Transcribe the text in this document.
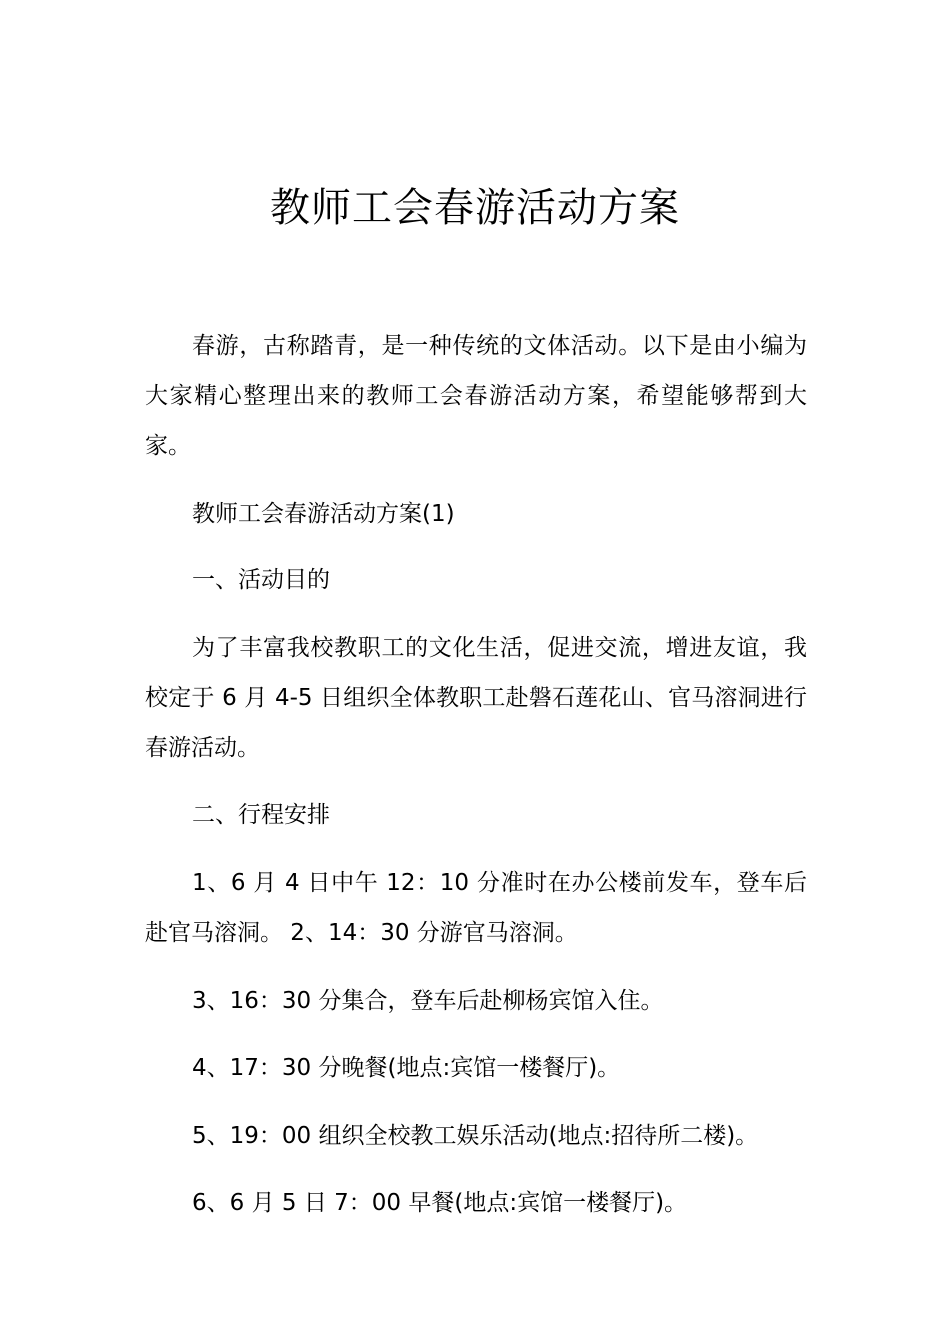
教师工会春游活动方案

春游，古称踏青，是一种传统的文体活动。以下是由小编为大家精心整理出来的教师工会春游活动方案，希望能够帮到大家。

教师工会春游活动方案(1)

一、活动目的

为了丰富我校教职工的文化生活，促进交流，增进友谊，我校定于 6 月 4-5 日组织全体教职工赴磐石莲花山、官马溶洞进行春游活动。

二、行程安排

1、6 月 4 日中午 12：10 分准时在办公楼前发车，登车后赴官马溶洞。 2、14：30 分游官马溶洞。

3、16：30 分集合，登车后赴柳杨宾馆入住。

4、17：30 分晚餐(地点:宾馆一楼餐厅)。

5、19：00 组织全校教工娱乐活动(地点:招待所二楼)。

6、6 月 5 日 7：00 早餐(地点:宾馆一楼餐厅)。
